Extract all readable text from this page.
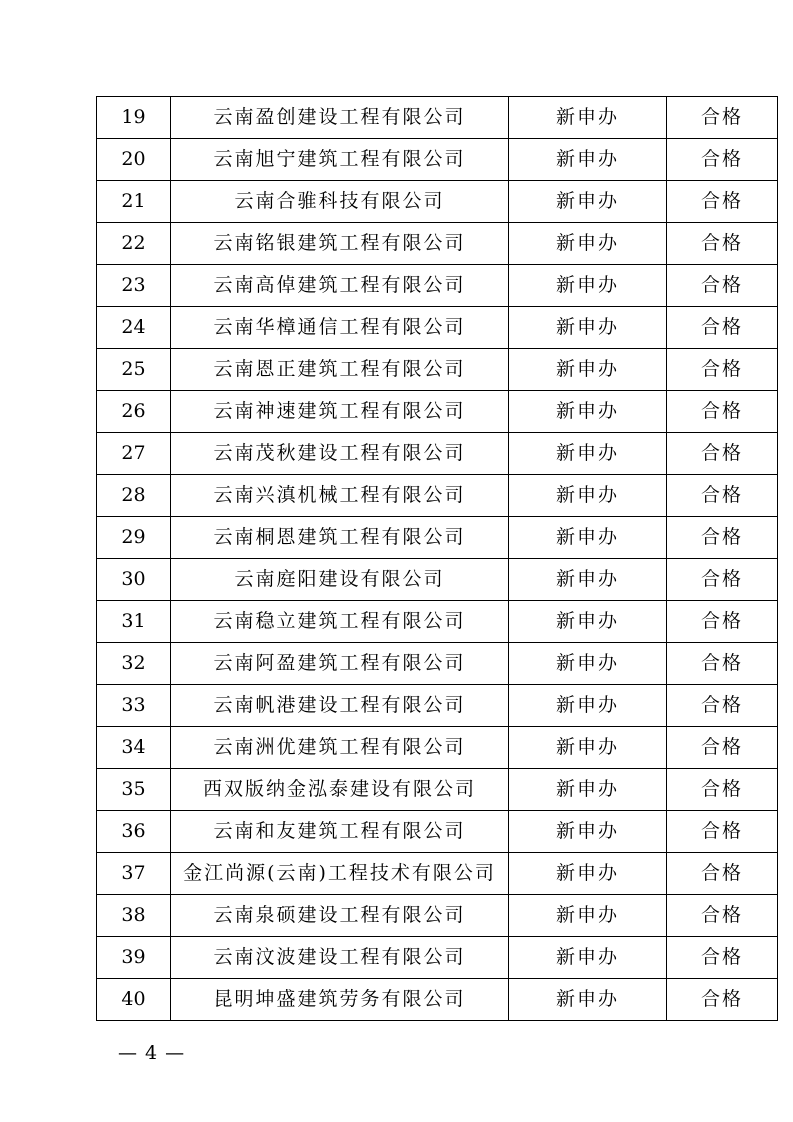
19	云南盈创建设工程有限公司	新申办	合格
20	云南旭宁建筑工程有限公司	新申办	合格
21	云南合骓科技有限公司	新申办	合格
22	云南铭银建筑工程有限公司	新申办	合格
23	云南高倬建筑工程有限公司	新申办	合格
24	云南华樟通信工程有限公司	新申办	合格
25	云南恩正建筑工程有限公司	新申办	合格
26	云南神速建筑工程有限公司	新申办	合格
27	云南茂秋建设工程有限公司	新申办	合格
28	云南兴滇机械工程有限公司	新申办	合格
29	云南桐恩建筑工程有限公司	新申办	合格
30	云南庭阳建设有限公司	新申办	合格
31	云南稳立建筑工程有限公司	新申办	合格
32	云南阿盈建筑工程有限公司	新申办	合格
33	云南帆港建设工程有限公司	新申办	合格
34	云南洲优建筑工程有限公司	新申办	合格
35	西双版纳金泓泰建设有限公司	新申办	合格
36	云南和友建筑工程有限公司	新申办	合格
37	金江尚源(云南)工程技术有限公司	新申办	合格
38	云南泉硕建设工程有限公司	新申办	合格
39	云南汶波建设工程有限公司	新申办	合格
40	昆明坤盛建筑劳务有限公司	新申办	合格
— 4 —
